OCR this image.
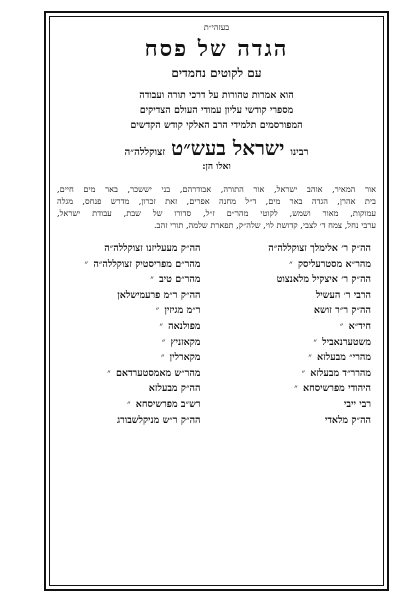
בעזהי״ת
הגדה של פסח
עם לקוטים נחמדים
הוא אמרות טהורות על דרכי תורה ועבודה
מספרי קודשי עליון עמודי העולם הצדיקים
המפורסמים תלמידי הרב האלקי קודש הקדשים
רבינו
ישראל בעש״ט
זצוקללה״ה
ואלו הן:
אור המאיר, אוהב ישראל, אור התורה, אבודרהם, בני יששכר, באר מים חיים,
בית אהרן, הגדה באר מים, ד״ל מחנה אפרים, זאת זכרון, מדרש פנחס, מגלה
עמוקות, מאור ושמש, לקוטי מהר״ם ז״ל, סדורו של שבת, עבודת ישראל,
ערבי נחל, צמח ד׳ לצבי, קדושת לוי, שלה״ק, תפארת שלמה, תורי זהב.
הה״ק ר׳ אלימלך זצוקללה״ה
הה״ק מעעליזנו זצוקללה״ה
מהר״א מסטרעליסק
״
מהר״ם מפריסטיק זצוקללה״ה
״
הה״ק ר׳ איצקיל מלאנצוט
מהר״ם טיב
״
הרבי ר׳ העשיל
הה״ק ר״מ פרעמישלאן
הה״ק ר״ר זושא
ר״מ מגיזין
״
חיד״א
״
מפולנאה
״
משטערנאביל
״
מקאזניץ
״
מהרי״ מבעלזא
״
מקארלין
״
מהרר״ד מבעלזא
״
מהר״ש מאמסטערדאם
״
היהודי מפרשיסחא
״
הה״ק מבעלזא
רבי ייבי
רש״ב מפרשיסחא
״
הה״ק מלאדי
הה״ק ר״ש מניקלשבורג
